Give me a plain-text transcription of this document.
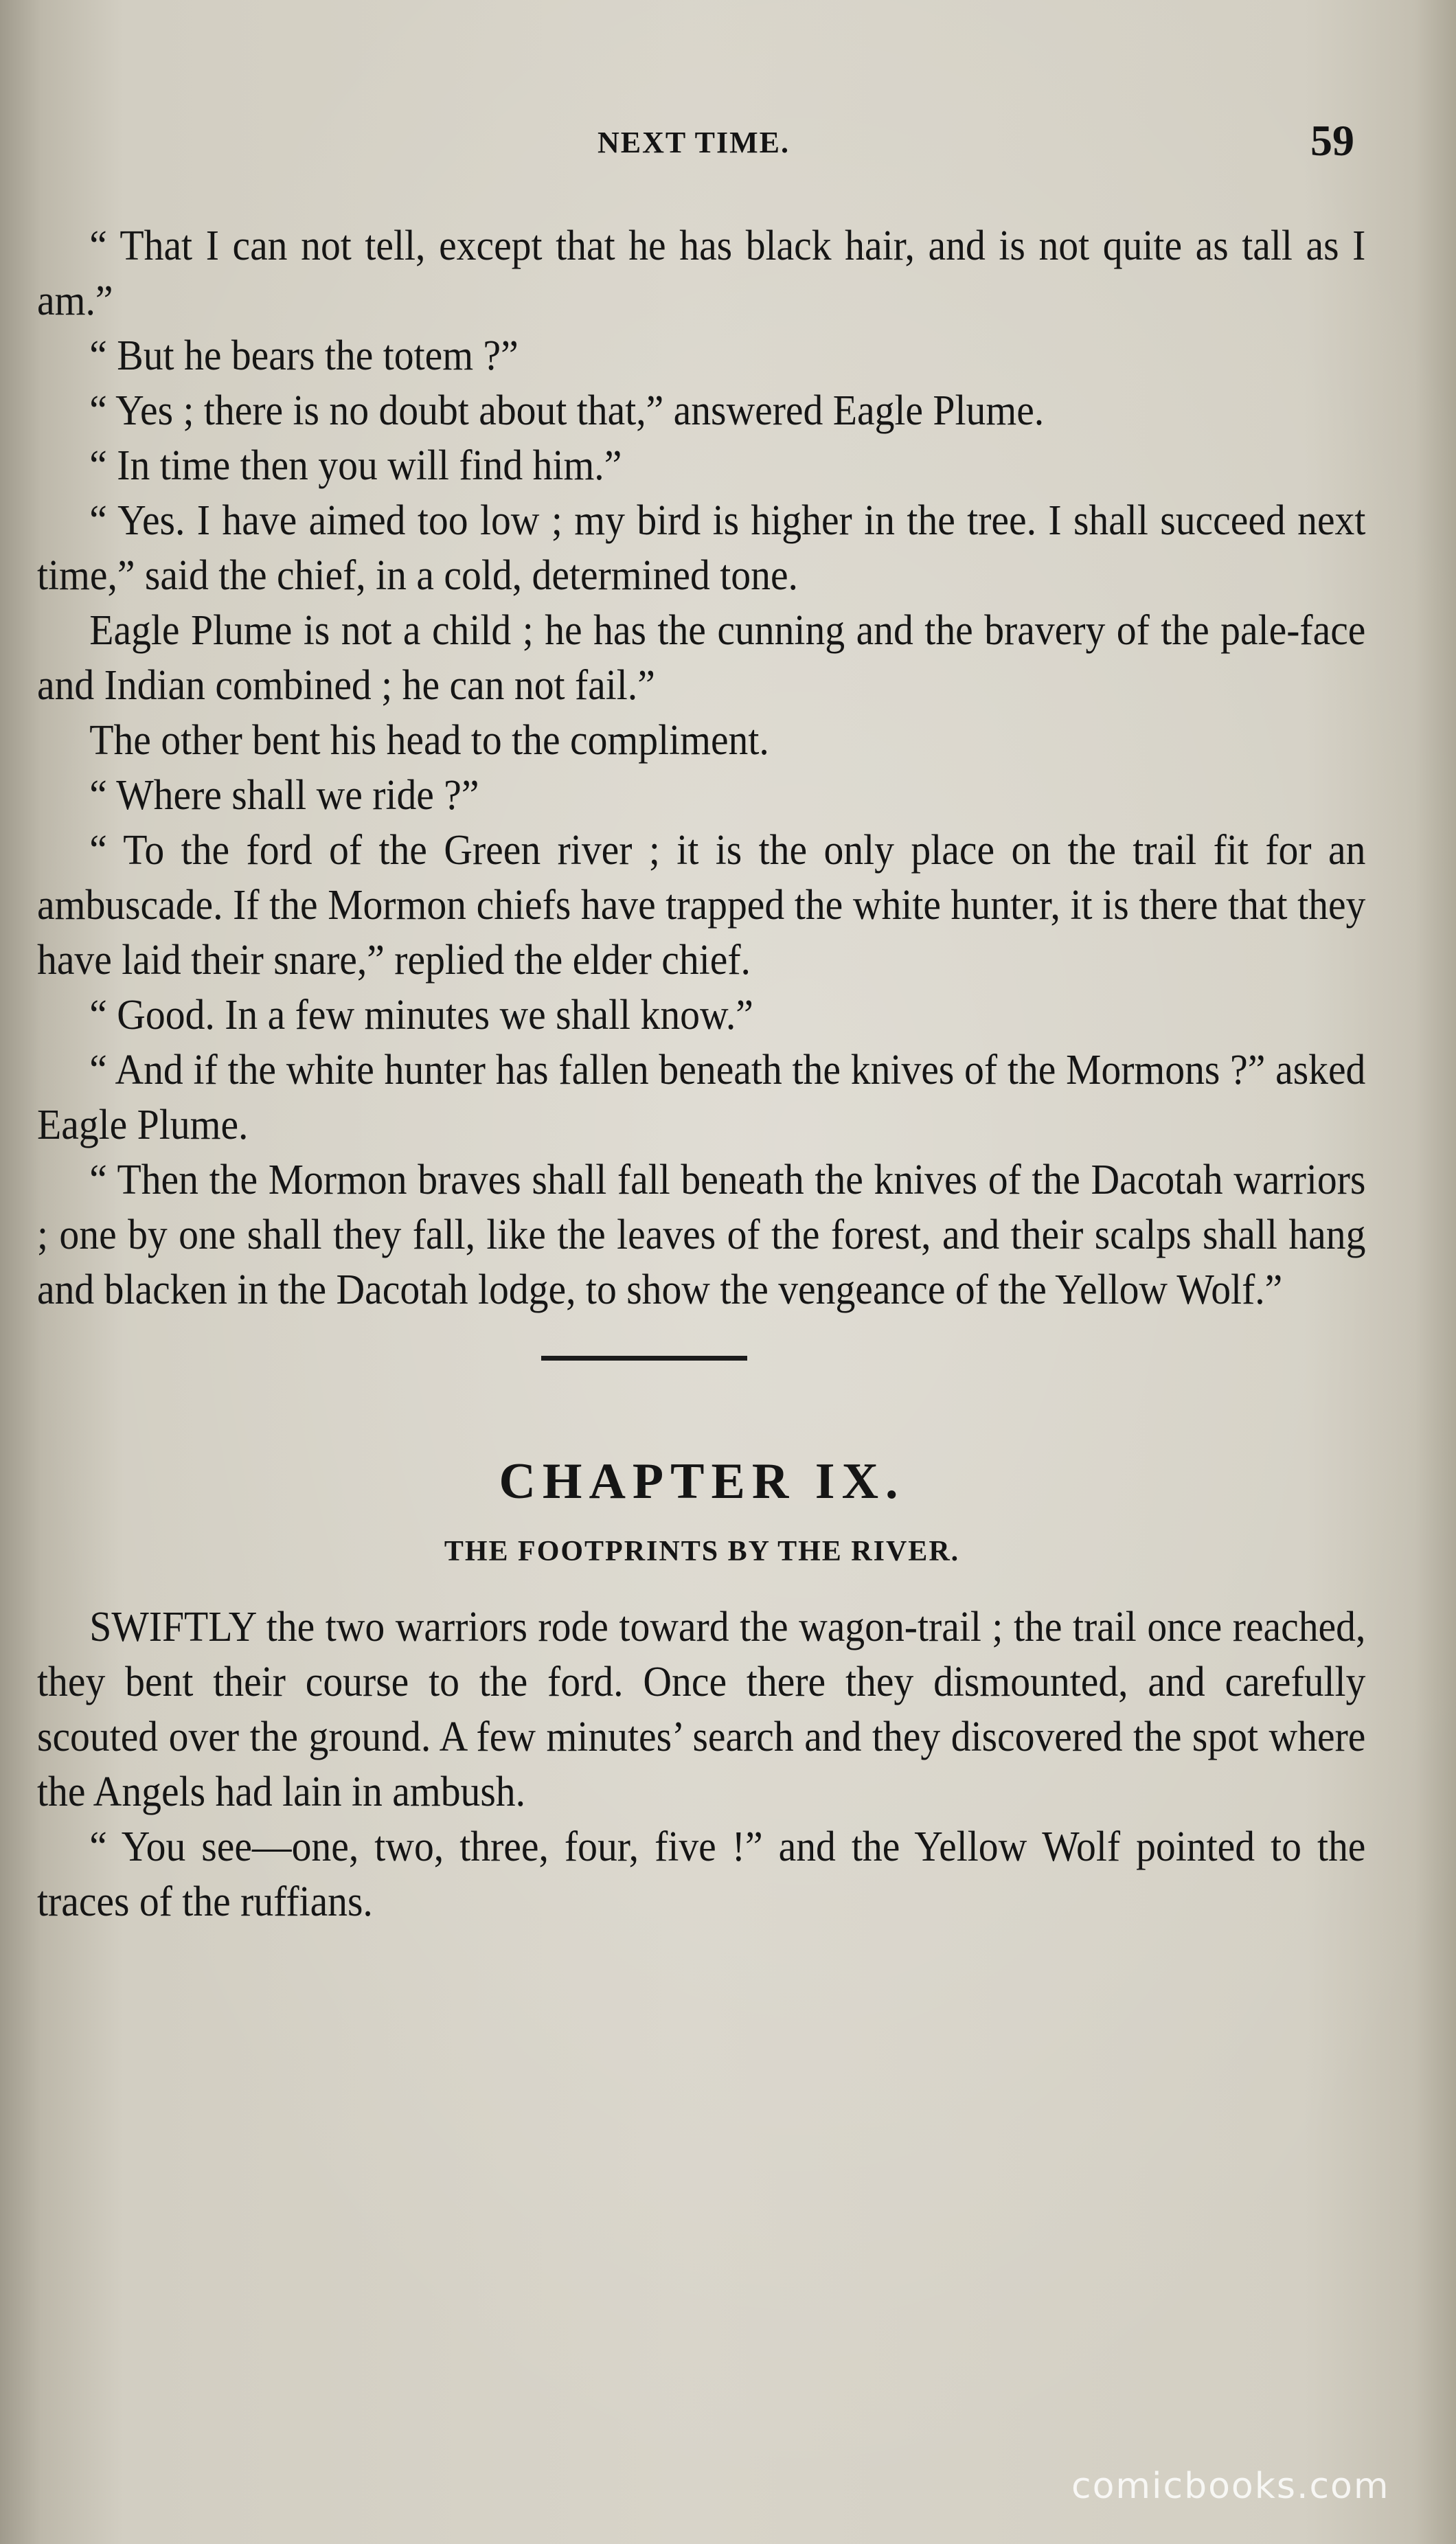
NEXT TIME.	59

“ That I can not tell, except that he has black hair, and is not quite as tall as I am.”

“ But he bears the totem ?”

“ Yes ; there is no doubt about that,” answered Eagle Plume.

“ In time then you will find him.”

“ Yes. I have aimed too low ; my bird is higher in the tree. I shall succeed next time,” said the chief, in a cold, determined tone.

Eagle Plume is not a child ; he has the cunning and the bravery of the pale-face and Indian combined ; he can not fail.”

The other bent his head to the compliment.

“ Where shall we ride ?”

“ To the ford of the Green river ; it is the only place on the trail fit for an ambuscade. If the Mormon chiefs have trapped the white hunter, it is there that they have laid their snare,” replied the elder chief.

“ Good. In a few minutes we shall know.”

“ And if the white hunter has fallen beneath the knives of the Mormons ?” asked Eagle Plume.

“ Then the Mormon braves shall fall beneath the knives of the Dacotah warriors ; one by one shall they fall, like the leaves of the forest, and their scalps shall hang and blacken in the Dacotah lodge, to show the vengeance of the Yellow Wolf.”

CHAPTER IX.
THE FOOTPRINTS BY THE RIVER.

SWIFTLY the two warriors rode toward the wagon-trail ; the trail once reached, they bent their course to the ford. Once there they dismounted, and carefully scouted over the ground. A few minutes’ search and they discovered the spot where the Angels had lain in ambush.

“ You see—one, two, three, four, five !” and the Yellow Wolf pointed to the traces of the ruffians.

comicbooks.com
